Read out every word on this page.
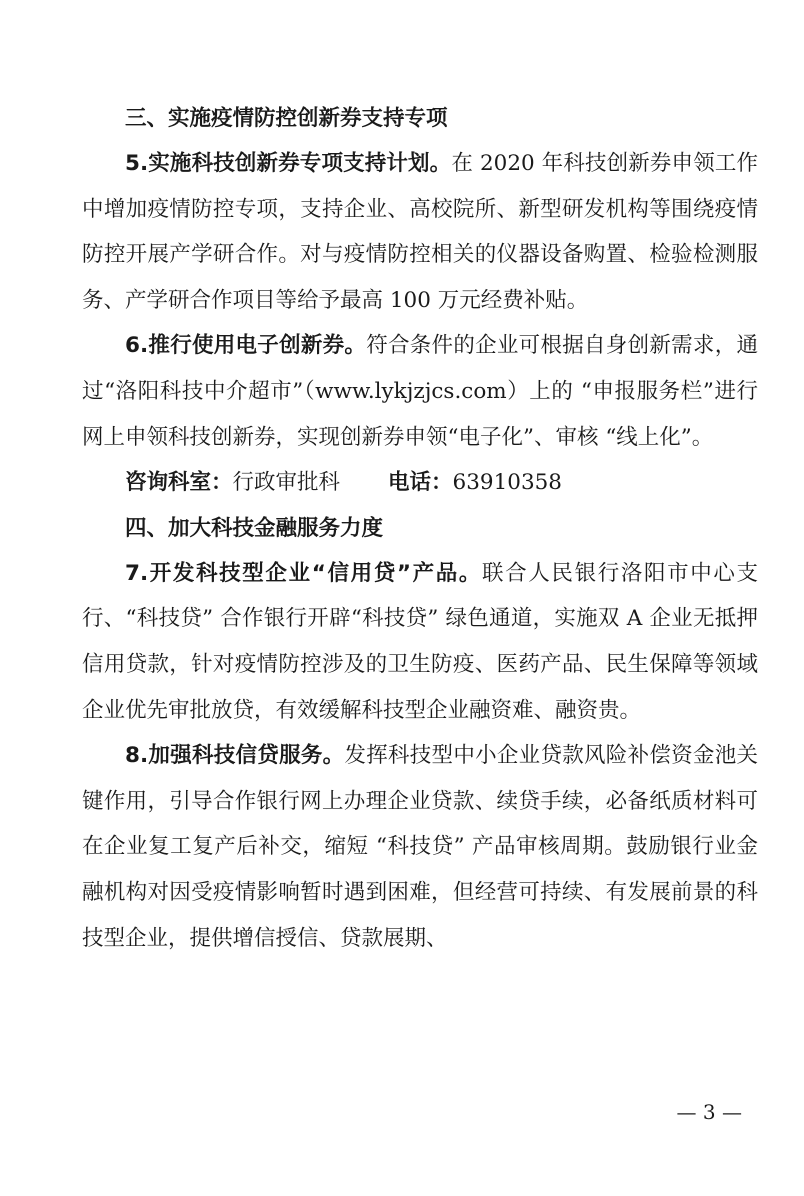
三、实施疫情防控创新券支持专项

5.实施科技创新券专项支持计划。在 2020 年科技创新券申领工作中增加疫情防控专项，支持企业、高校院所、新型研发机构等围绕疫情防控开展产学研合作。对与疫情防控相关的仪器设备购置、检验检测服务、产学研合作项目等给予最高 100 万元经费补贴。

6.推行使用电子创新券。符合条件的企业可根据自身创新需求，通过“洛阳科技中介超市”（www.lykjzjcs.com）上的 “申报服务栏”进行网上申领科技创新券，实现创新券申领“电子化”、审核 “线上化”。

咨询科室：行政审批科 电话：63910358

四、加大科技金融服务力度

7.开发科技型企业“信用贷”产品。联合人民银行洛阳市中心支行、“科技贷” 合作银行开辟“科技贷” 绿色通道，实施双 A 企业无抵押信用贷款，针对疫情防控涉及的卫生防疫、医药产品、民生保障等领域企业优先审批放贷，有效缓解科技型企业融资难、融资贵。

8.加强科技信贷服务。发挥科技型中小企业贷款风险补偿资金池关键作用，引导合作银行网上办理企业贷款、续贷手续，必备纸质材料可在企业复工复产后补交，缩短 “科技贷” 产品审核周期。鼓励银行业金融机构对因受疫情影响暂时遇到困难，但经营可持续、有发展前景的科技型企业，提供增信授信、贷款展期、

— 3 —
